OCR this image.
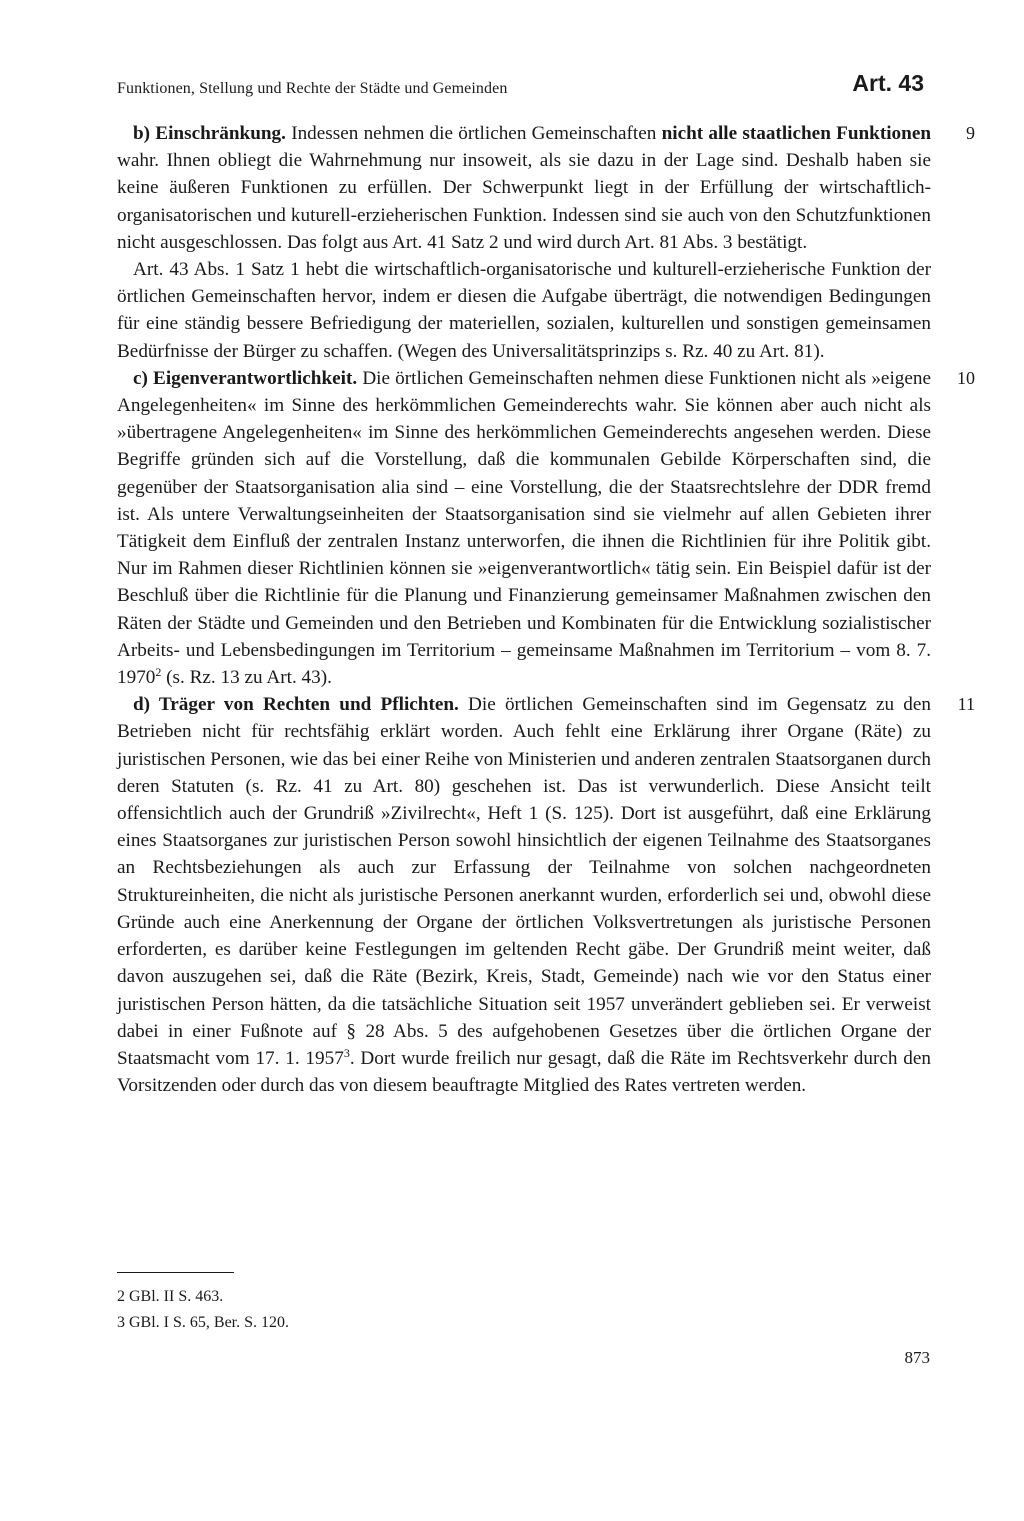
Funktionen, Stellung und Rechte der Städte und Gemeinden	Art. 43

b) Einschränkung. Indessen nehmen die örtlichen Gemeinschaften nicht alle staatlichen Funktionen wahr. Ihnen obliegt die Wahrnehmung nur insoweit, als sie dazu in der Lage sind. Deshalb haben sie keine äußeren Funktionen zu erfüllen. Der Schwerpunkt liegt in der Erfüllung der wirtschaftlich-organisatorischen und kuturell-erzieherischen Funktion. Indessen sind sie auch von den Schutzfunktionen nicht ausgeschlossen. Das folgt aus Art. 41 Satz 2 und wird durch Art. 81 Abs. 3 bestätigt.
9

Art. 43 Abs. 1 Satz 1 hebt die wirtschaftlich-organisatorische und kulturell-erzieherische Funktion der örtlichen Gemeinschaften hervor, indem er diesen die Aufgabe überträgt, die notwendigen Bedingungen für eine ständig bessere Befriedigung der materiellen, sozialen, kulturellen und sonstigen gemeinsamen Bedürfnisse der Bürger zu schaffen. (Wegen des Universalitätsprinzips s. Rz. 40 zu Art. 81).

c) Eigenverantwortlichkeit. Die örtlichen Gemeinschaften nehmen diese Funktionen nicht als »eigene Angelegenheiten« im Sinne des herkömmlichen Gemeinderechts wahr. Sie können aber auch nicht als »übertragene Angelegenheiten« im Sinne des herkömmlichen Gemeinderechts angesehen werden. Diese Begriffe gründen sich auf die Vorstellung, daß die kommunalen Gebilde Körperschaften sind, die gegenüber der Staatsorganisation alia sind – eine Vorstellung, die der Staatsrechtslehre der DDR fremd ist. Als untere Verwaltungseinheiten der Staatsorganisation sind sie vielmehr auf allen Gebieten ihrer Tätigkeit dem Einfluß der zentralen Instanz unterworfen, die ihnen die Richtlinien für ihre Politik gibt. Nur im Rahmen dieser Richtlinien können sie »eigenverantwortlich« tätig sein. Ein Beispiel dafür ist der Beschluß über die Richtlinie für die Planung und Finanzierung gemeinsamer Maßnahmen zwischen den Räten der Städte und Gemeinden und den Betrieben und Kombinaten für die Entwicklung sozialistischer Arbeits- und Lebensbedingungen im Territorium – gemeinsame Maßnahmen im Territorium – vom 8. 7. 1970$^2$ (s. Rz. 13 zu Art. 43).
10

d) Träger von Rechten und Pflichten. Die örtlichen Gemeinschaften sind im Gegensatz zu den Betrieben nicht für rechtsfähig erklärt worden. Auch fehlt eine Erklärung ihrer Organe (Räte) zu juristischen Personen, wie das bei einer Reihe von Ministerien und anderen zentralen Staatsorganen durch deren Statuten (s. Rz. 41 zu Art. 80) geschehen ist. Das ist verwunderlich. Diese Ansicht teilt offensichtlich auch der Grundriß »Zivilrecht«, Heft 1 (S. 125). Dort ist ausgeführt, daß eine Erklärung eines Staatsorganes zur juristischen Person sowohl hinsichtlich der eigenen Teilnahme des Staatsorganes an Rechtsbeziehungen als auch zur Erfassung der Teilnahme von solchen nachgeordneten Struktureinheiten, die nicht als juristische Personen anerkannt wurden, erforderlich sei und, obwohl diese Gründe auch eine Anerkennung der Organe der örtlichen Volksvertretungen als juristische Personen erforderten, es darüber keine Festlegungen im geltenden Recht gäbe. Der Grundriß meint weiter, daß davon auszugehen sei, daß die Räte (Bezirk, Kreis, Stadt, Gemeinde) nach wie vor den Status einer juristischen Person hätten, da die tatsächliche Situation seit 1957 unverändert geblieben sei. Er verweist dabei in einer Fußnote auf § 28 Abs. 5 des aufgehobenen Gesetzes über die örtlichen Organe der Staatsmacht vom 17. 1. 1957$^3$. Dort wurde freilich nur gesagt, daß die Räte im Rechtsverkehr durch den Vorsitzenden oder durch das von diesem beauftragte Mitglied des Rates vertreten werden.
11

2 GBl. II S. 463.
3 GBl. I S. 65, Ber. S. 120.
873
